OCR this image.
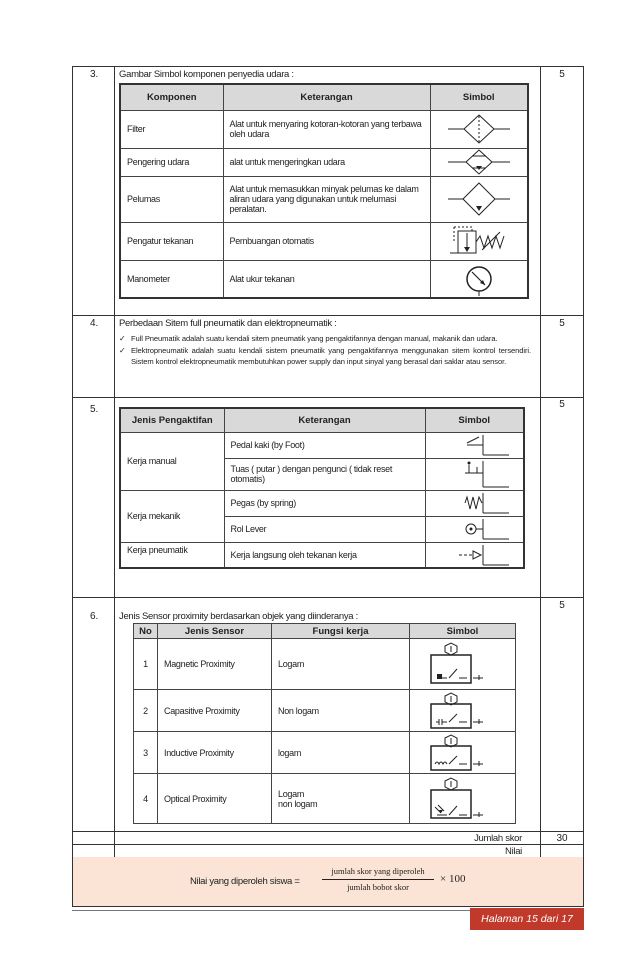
3. Gambar Simbol komponen penyedia udara :	5
Komponen	Keterangan	Simbol
Filter	Alat untuk menyaring kotoran-kotoran yang terbawa oleh udara	

Pengering udara	alat untuk mengeringkan udara	

Pelumas	Alat untuk memasukkan minyak pelumas ke dalam aliran udara yang digunakan untuk melumasi peralatan.	

Pengatur tekanan	Pembuangan otomatis	

Manometer	Alat ukur tekanan	
4. Perbedaan Sitem full pneumatik dan elektropneumatik :	5
✓ Full Pneumatik adalah suatu kendali sitem pneumatik yang pengaktifannya dengan manual, makanik dan udara.
✓ Elektropneumatik adalah suatu kendali sistem pneumatik yang pengaktifannya menggunakan sitem kontrol tersendiri. Sistem kontrol elektropneumatik membutuhkan power supply dan input sinyal yang berasal dari saklar atau sensor.
5.	5
Jenis Pengaktifan	Keterangan	Simbol
Kerja manual	Pedal kaki (by Foot)	

	Tuas ( putar ) dengan pengunci ( tidak reset otomatis)	

Kerja mekanik	Pegas (by spring)	

	Rol Lever	

Kerja pneumatik	Kerja langsung oleh tekanan kerja	
6. Jenis Sensor proximity berdasarkan objek yang diinderanya :
5
No	Jenis Sensor	Fungsi kerja	Simbol
1	Magnetic Proximity	Logam	

2	Capasitive Proximity	Non logam	

3	Inductive Proximity	logam	

4	Optical Proximity	Logam
non logam	
Jumlah skor	30
Nilai
Nilai yang diperoleh siswa =
jumlah skor yang diperoleh
jumlah bobot skor
× 100
Halaman 15 dari 17
